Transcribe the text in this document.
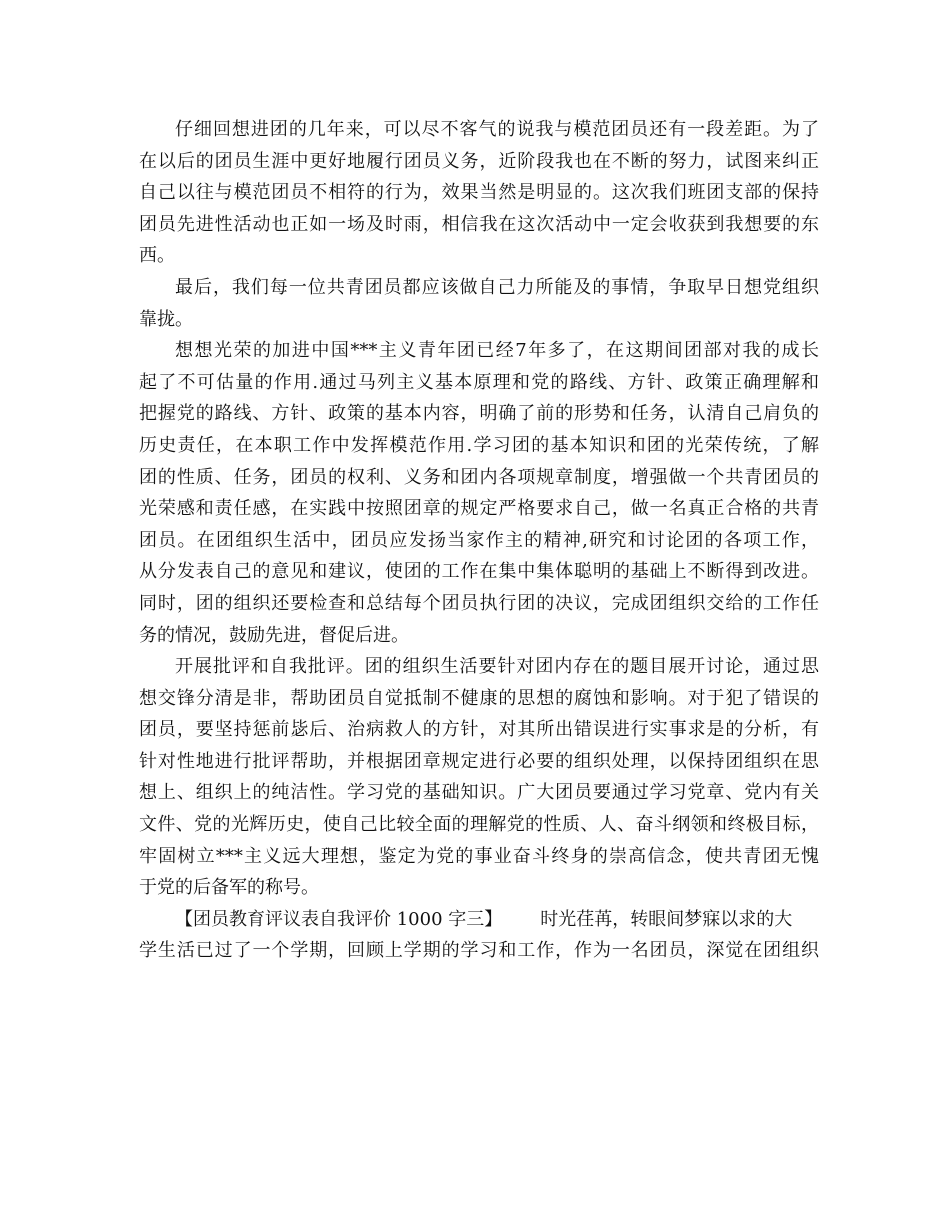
仔细回想进团的几年来，可以尽不客气的说我与模范团员还有一段差距。为了
在以后的团员生涯中更好地履行团员义务，近阶段我也在不断的努力，试图来纠正
自己以往与模范团员不相符的行为，效果当然是明显的。这次我们班团支部的保持
团员先进性活动也正如一场及时雨，相信我在这次活动中一定会收获到我想要的东
西。
最后，我们每一位共青团员都应该做自己力所能及的事情，争取早日想党组织
靠拢。
想想光荣的加进中国***主义青年团已经7年多了，在这期间团部对我的成长
起了不可估量的作用.通过马列主义基本原理和党的路线、方针、政策正确理解和
把握党的路线、方针、政策的基本内容，明确了前的形势和任务，认清自己肩负的
历史责任，在本职工作中发挥模范作用.学习团的基本知识和团的光荣传统，了解
团的性质、任务，团员的权利、义务和团内各项规章制度，增强做一个共青团员的
光荣感和责任感，在实践中按照团章的规定严格要求自己，做一名真正合格的共青
团员。在团组织生活中，团员应发扬当家作主的精神,研究和讨论团的各项工作，
从分发表自己的意见和建议，使团的工作在集中集体聪明的基础上不断得到改进。
同时，团的组织还要检查和总结每个团员执行团的决议，完成团组织交给的工作任
务的情况，鼓励先进，督促后进。
开展批评和自我批评。团的组织生活要针对团内存在的题目展开讨论，通过思
想交锋分清是非，帮助团员自觉抵制不健康的思想的腐蚀和影响。对于犯了错误的
团员，要坚持惩前毖后、治病救人的方针，对其所出错误进行实事求是的分析，有
针对性地进行批评帮助，并根据团章规定进行必要的组织处理，以保持团组织在思
想上、组织上的纯洁性。学习党的基础知识。广大团员要通过学习党章、党内有关
文件、党的光辉历史，使自己比较全面的理解党的性质、人、奋斗纲领和终极目标，
牢固树立***主义远大理想，鉴定为党的事业奋斗终身的崇高信念，使共青团无愧
于党的后备军的称号。
【团员教育评议表自我评价 1000 字三】 时光荏苒，转眼间梦寐以求的大
学生活已过了一个学期，回顾上学期的学习和工作，作为一名团员，深觉在团组织
